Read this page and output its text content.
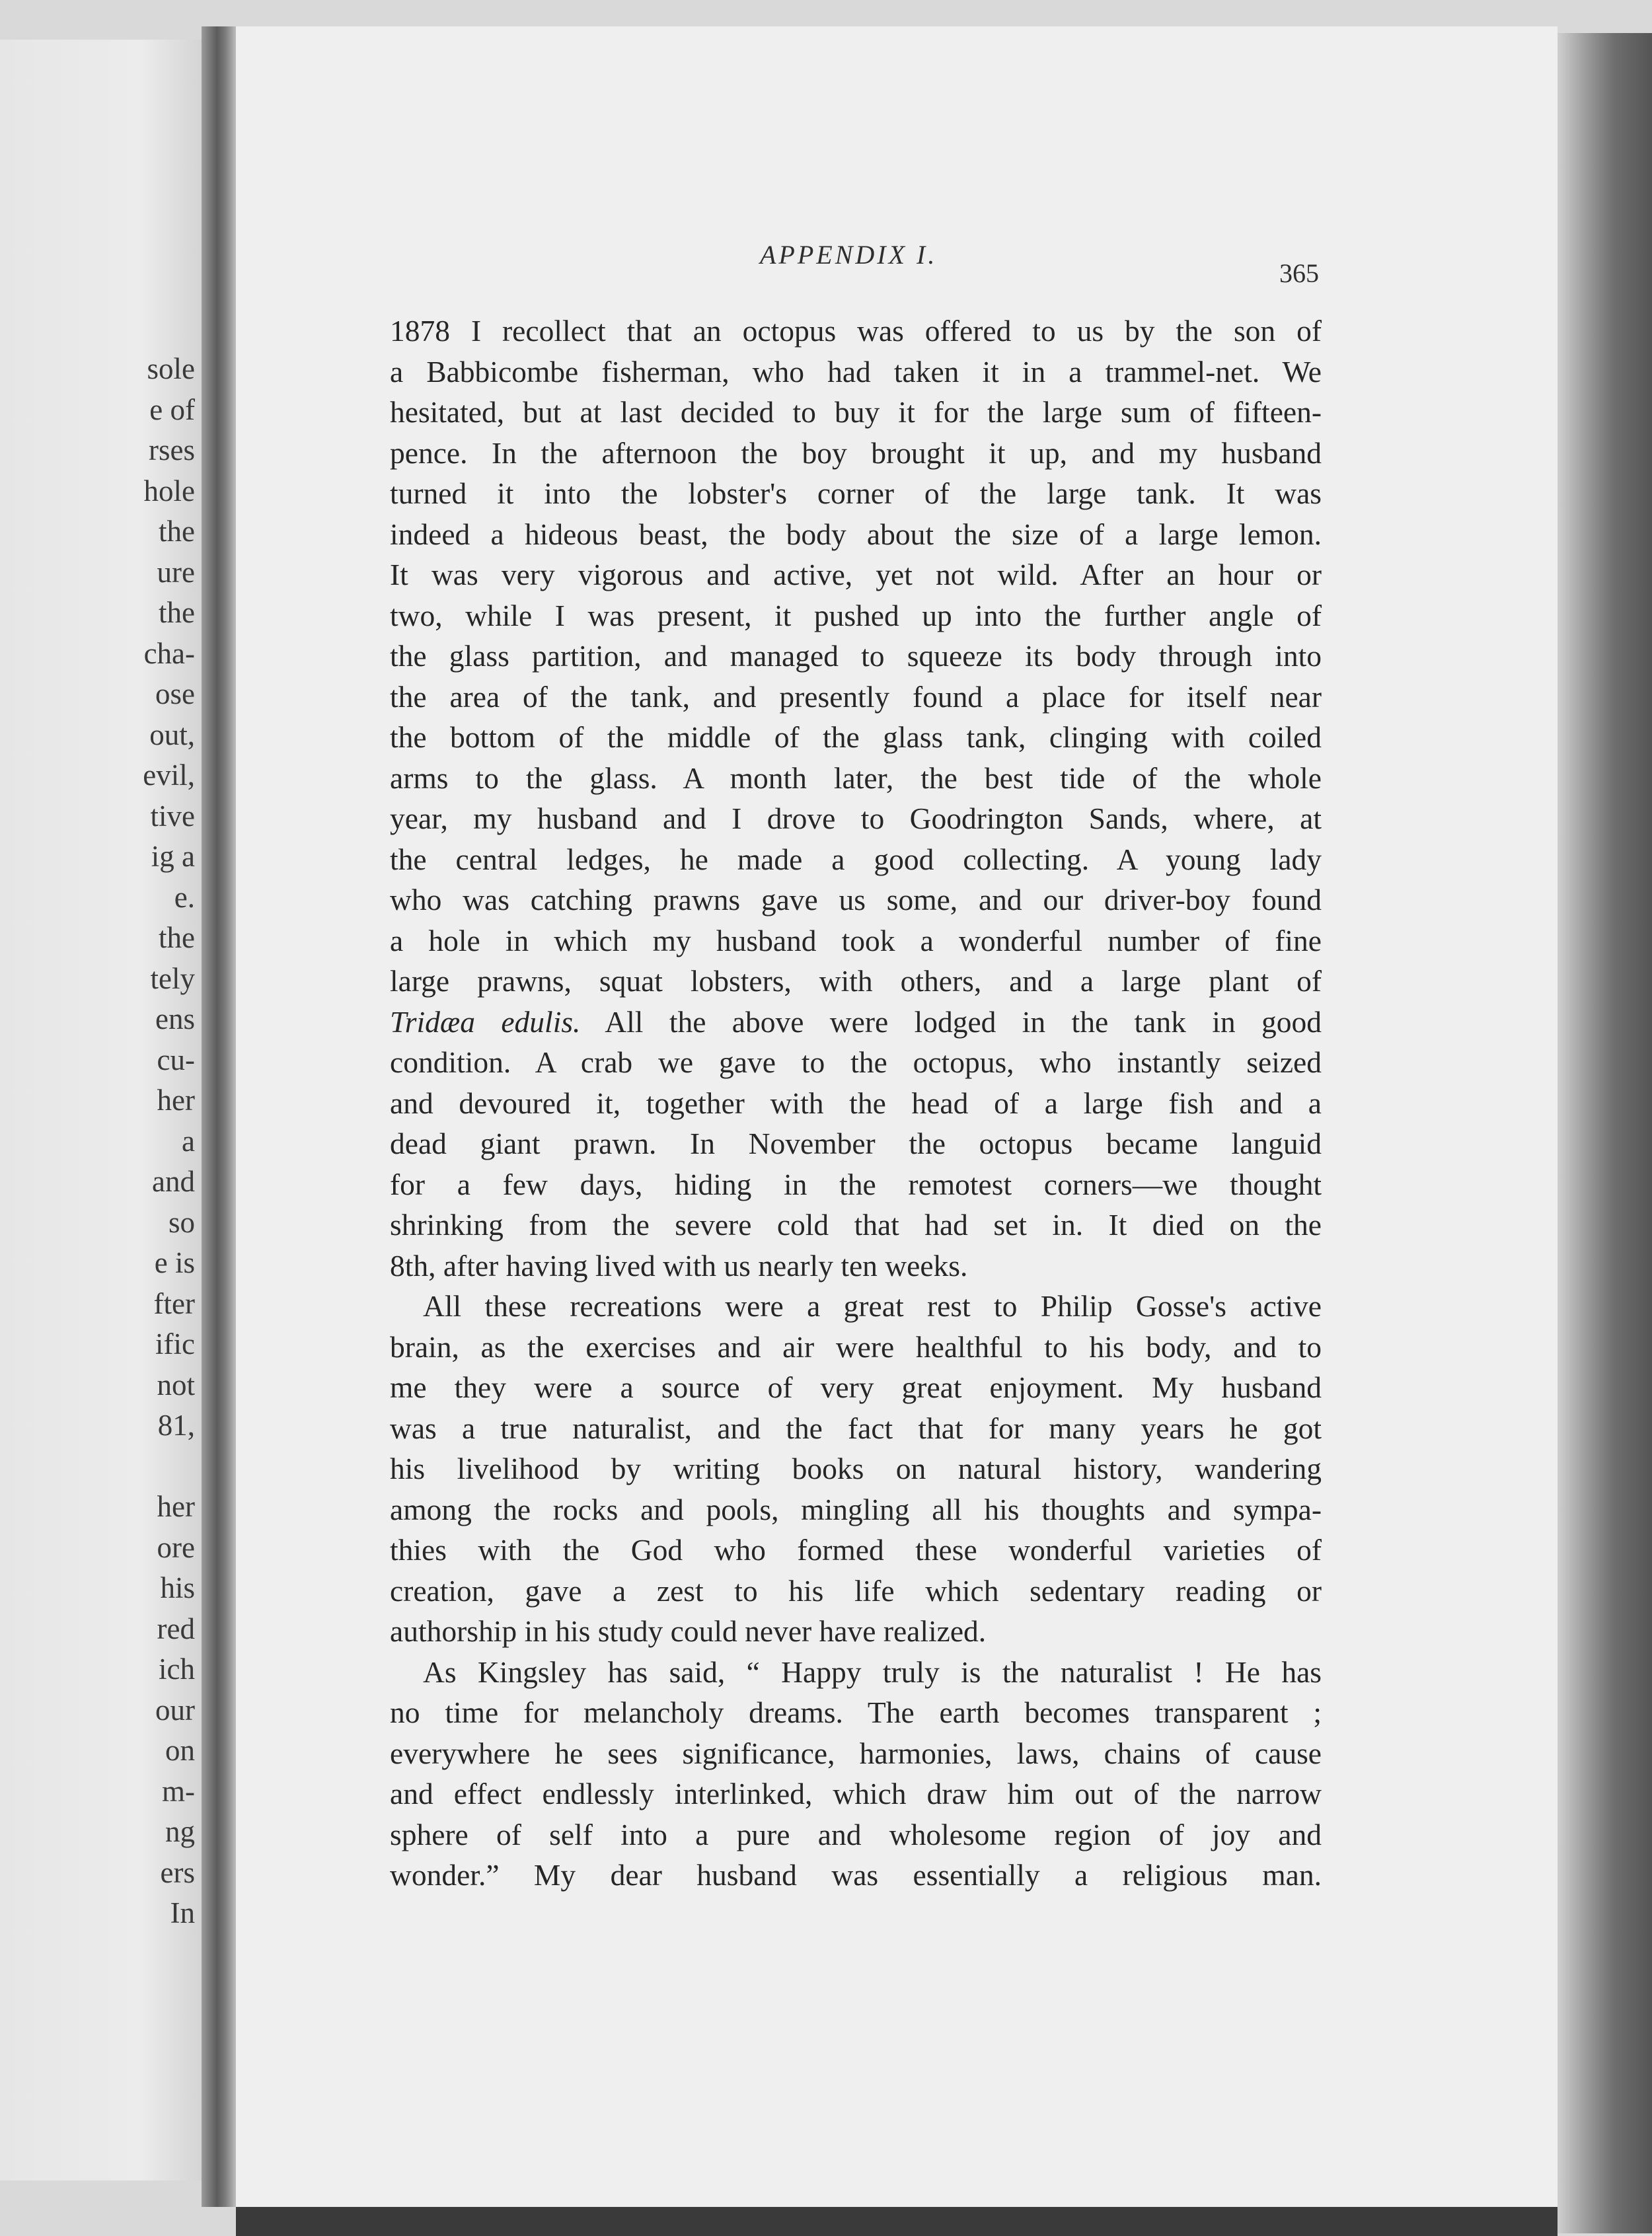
sole
e of
rses
hole
the
ure
the
cha-
ose
out,
evil,
tive
ig a
e.
the
tely
ens
cu-
her
a
and
so
e is
fter
ific
not
81,
her
ore
his
red
ich
our
on
m-
ng
ers
In
APPENDIX I.
365

1878 I recollect that an octopus was offered to us by the son of

a Babbicombe fisherman, who had taken it in a trammel-net. We

hesitated, but at last decided to buy it for the large sum of fifteen-

pence. In the afternoon the boy brought it up, and my husband

turned it into the lobster's corner of the large tank. It was

indeed a hideous beast, the body about the size of a large lemon.

It was very vigorous and active, yet not wild. After an hour or

two, while I was present, it pushed up into the further angle of

the glass partition, and managed to squeeze its body through into

the area of the tank, and presently found a place for itself near

the bottom of the middle of the glass tank, clinging with coiled

arms to the glass. A month later, the best tide of the whole

year, my husband and I drove to Goodrington Sands, where, at

the central ledges, he made a good collecting. A young lady

who was catching prawns gave us some, and our driver-boy found

a hole in which my husband took a wonderful number of fine

large prawns, squat lobsters, with others, and a large plant of

Tridæa edulis. All the above were lodged in the tank in good

condition. A crab we gave to the octopus, who instantly seized

and devoured it, together with the head of a large fish and a

dead giant prawn. In November the octopus became languid

for a few days, hiding in the remotest corners—we thought

shrinking from the severe cold that had set in. It died on the

8th, after having lived with us nearly ten weeks.

All these recreations were a great rest to Philip Gosse's active

brain, as the exercises and air were healthful to his body, and to

me they were a source of very great enjoyment. My husband

was a true naturalist, and the fact that for many years he got

his livelihood by writing books on natural history, wandering

among the rocks and pools, mingling all his thoughts and sympa-

thies with the God who formed these wonderful varieties of

creation, gave a zest to his life which sedentary reading or

authorship in his study could never have realized.

As Kingsley has said, “ Happy truly is the naturalist ! He has

no time for melancholy dreams. The earth becomes transparent ;

everywhere he sees significance, harmonies, laws, chains of cause

and effect endlessly interlinked, which draw him out of the narrow

sphere of self into a pure and wholesome region of joy and

wonder.” My dear husband was essentially a religious man.
